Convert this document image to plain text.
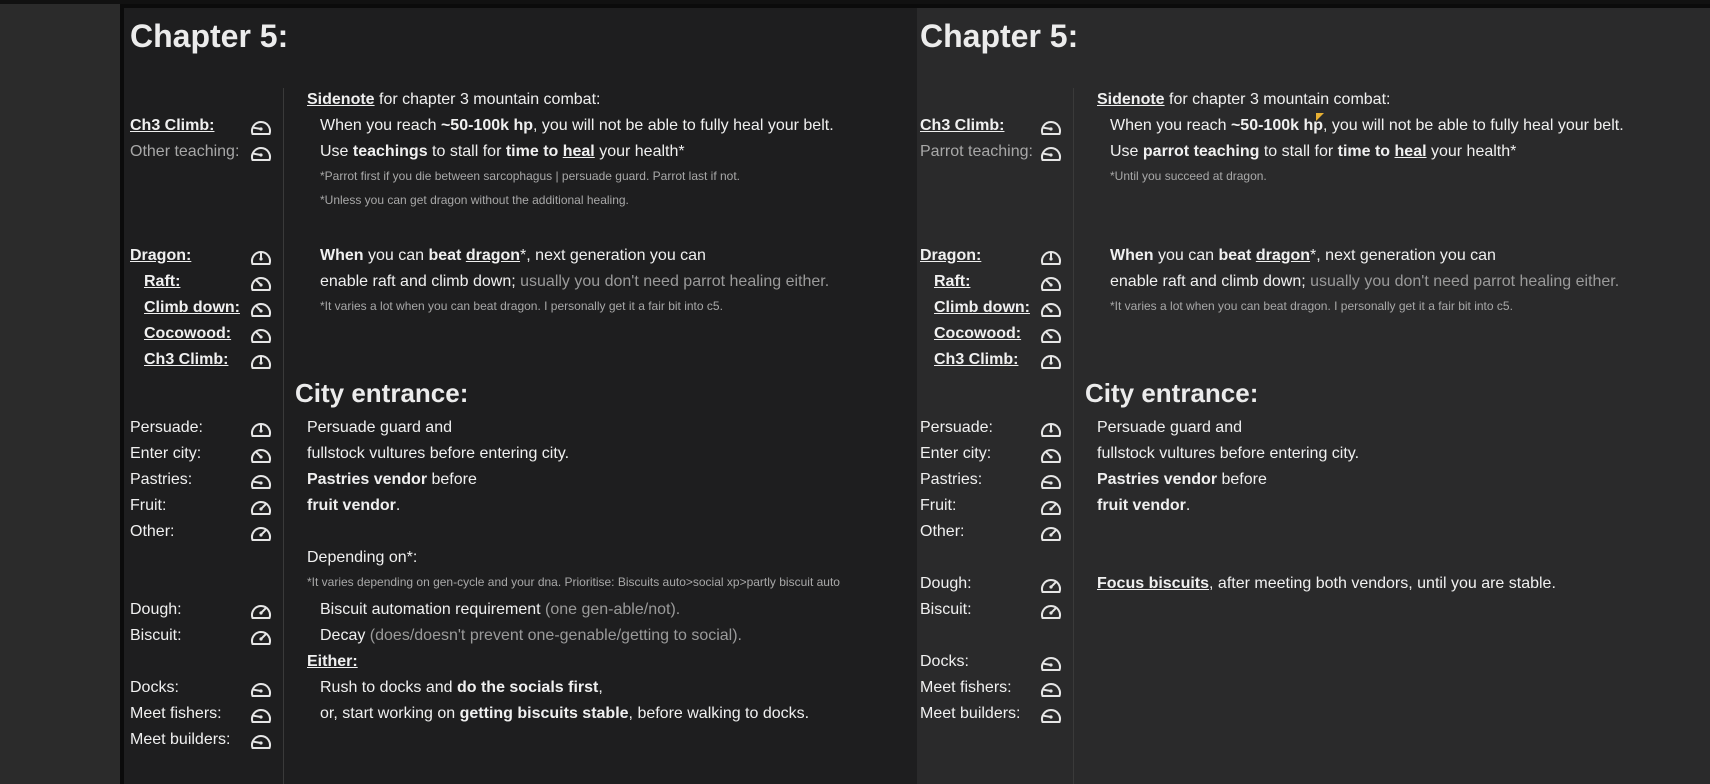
Chapter 5:
Ch3 Climb:
Other teaching:
Dragon:
Raft:
Climb down:
Cocowood:
Ch3 Climb:
Persuade:
Enter city:
Pastries:
Fruit:
Other:
Dough:
Biscuit:
Docks:
Meet fishers:
Meet builders:
Sidenote for chapter 3 mountain combat:
When you reach ~50-100k hp, you will not be able to fully heal your belt.
Use teachings to stall for time to heal your health*
*Parrot first if you die between sarcophagus | persuade guard. Parrot last if not.
*Unless you can get dragon without the additional healing.
When you can beat dragon*, next generation you can
enable raft and climb down; usually you don't need parrot healing either.
*It varies a lot when you can beat dragon. I personally get it a fair bit into c5.
City entrance:
Persuade guard and
fullstock vultures before entering city.
Pastries vendor before
fruit vendor.
Depending on*:
*It varies depending on gen-cycle and your dna. Prioritise: Biscuits auto>social xp>partly biscuit auto
Biscuit automation requirement (one gen-able/not).
Decay (does/doesn't prevent one-genable/getting to social).
Either:
Rush to docks and do the socials first,
or, start working on getting biscuits stable, before walking to docks.
Chapter 5:
Ch3 Climb:
Parrot teaching:
Dragon:
Raft:
Climb down:
Cocowood:
Ch3 Climb:
Persuade:
Enter city:
Pastries:
Fruit:
Other:
Dough:
Biscuit:
Docks:
Meet fishers:
Meet builders:
Sidenote for chapter 3 mountain combat:
When you reach ~50-100k hp, you will not be able to fully heal your belt.
Use parrot teaching to stall for time to heal your health*
*Until you succeed at dragon.
When you can beat dragon*, next generation you can
enable raft and climb down; usually you don't need parrot healing either.
*It varies a lot when you can beat dragon. I personally get it a fair bit into c5.
City entrance:
Persuade guard and
fullstock vultures before entering city.
Pastries vendor before
fruit vendor.
Focus biscuits, after meeting both vendors, until you are stable.
